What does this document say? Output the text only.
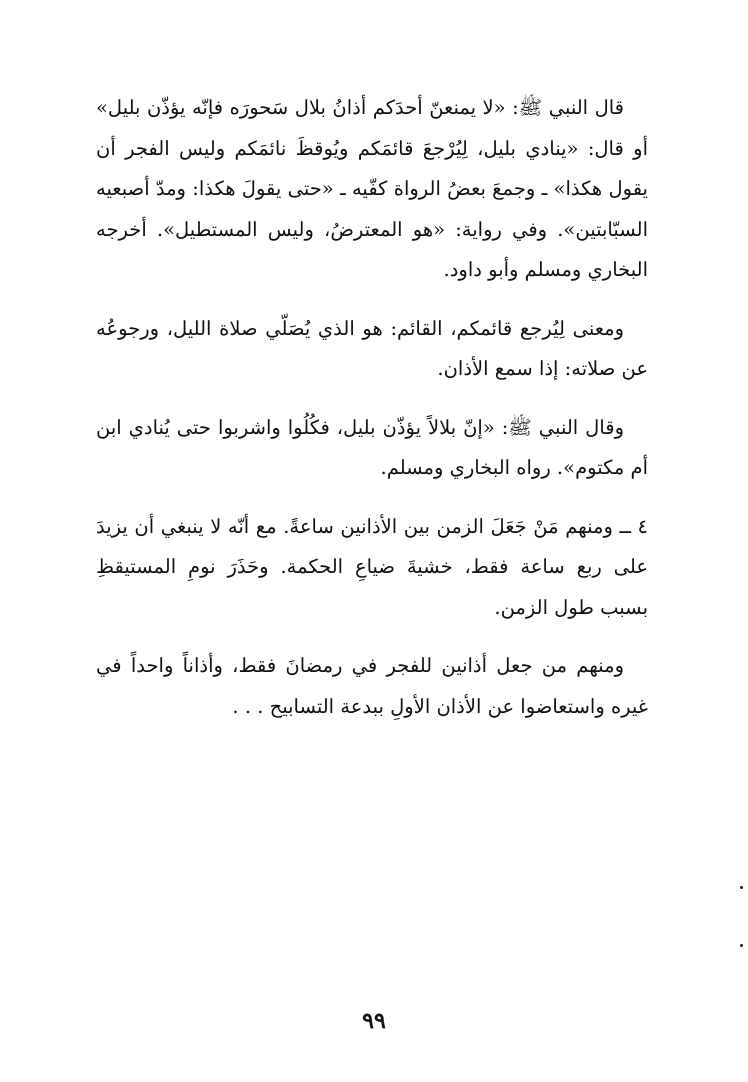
قال النبي ﷺ: «لا يمنعنّ أحدَكم أذانُ بلال سَحورَه فإنّه يؤذّن بليل» أو قال: «ينادي بليل، لِيُرْجعَ قائمَكم ويُوقظَ نائمَكم وليس الفجر أن يقول هكذا» ـ وجمعَ بعضُ الرواة كفّيه ـ «حتى يقولَ هكذا: ومدّ أصبعيه السبّابتين». وفي رواية: «هو المعترضُ، وليس المستطيل». أخرجه البخاري ومسلم وأبو داود.

ومعنى لِيُرجع قائمكم، القائم: هو الذي يُصَلّي صلاة الليل، ورجوعُه عن صلاته: إذا سمع الأذان.

وقال النبي ﷺ: «إنّ بلالاً يؤذّن بليل، فكُلُوا واشربوا حتى يُنادي ابن أم مكتوم». رواه البخاري ومسلم.

٤ ــ ومنهم مَنْ جَعَلَ الزمن بين الأذانين ساعةً. مع أنّه لا ينبغي أن يزيدَ على ربع ساعة فقط، خشيةَ ضياعِ الحكمة. وحَذَرَ نومِ المستيقظِ بسبب طول الزمن.

ومنهم من جعل أذانين للفجر في رمضانَ فقط، وأذاناً واحداً في غيره واستعاضوا عن الأذان الأولِ ببدعة التسابيح . . .

٩٩
